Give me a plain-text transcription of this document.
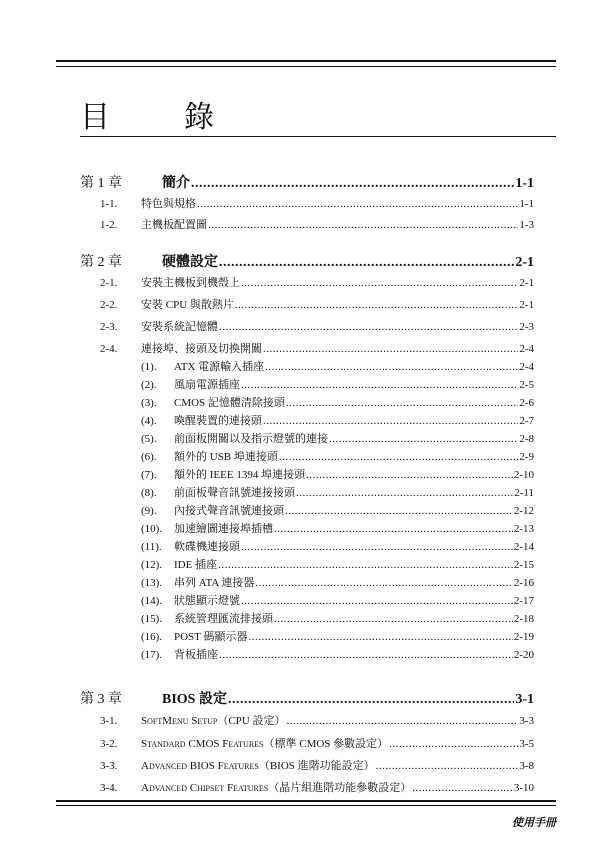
目　錄
第 1 章	簡介 .....	1-1
1-1. 特色與規格 .....	1-1
1-2. 主機板配置圖 .....	1-3
第 2 章	硬體設定 .....	2-1
2-1. 安裝主機板到機殼上 .....	2-1
2-2. 安裝 CPU 與散熱片 .....	2-1
2-3. 安裝系統記憶體 .....	2-3
2-4. 連接埠、接頭及切換開關 .....	2-4
(1). ATX 電源輸入插座 .....	2-4
(2). 風扇電源插座 .....	2-5
(3). CMOS 記憶體清除接頭 .....	2-6
(4). 喚醒裝置的連接頭 .....	2-7
(5). 前面板開關以及指示燈號的連接 .....	2-8
(6). 額外的 USB 埠連接頭 .....	2-9
(7). 額外的 IEEE 1394 埠連接頭 .....	2-10
(8). 前面板聲音訊號連接接頭 .....	2-11
(9). 內接式聲音訊號連接頭 .....	2-12
(10). 加速繪圖連接埠插槽 .....	2-13
(11). 軟碟機連接頭 .....	2-14
(12). IDE 插座 .....	2-15
(13). 串列 ATA 連接器 .....	2-16
(14). 狀態顯示燈號 .....	2-17
(15). 系統管理匯流排接頭 .....	2-18
(16). POST 碼顯示器 .....	2-19
(17). 背板插座 .....	2-20
第 3 章	BIOS 設定 .....	3-1
3-1. SoftMenu Setup（CPU 設定） .....	3-3
3-2. Standard CMOS Features（標準 CMOS 參數設定） .....	3-5
3-3. Advanced BIOS Features（BIOS 進階功能設定） .....	3-8
3-4. Advanced Chipset Features（晶片組進階功能參數設定） .....	3-10
使用手冊
